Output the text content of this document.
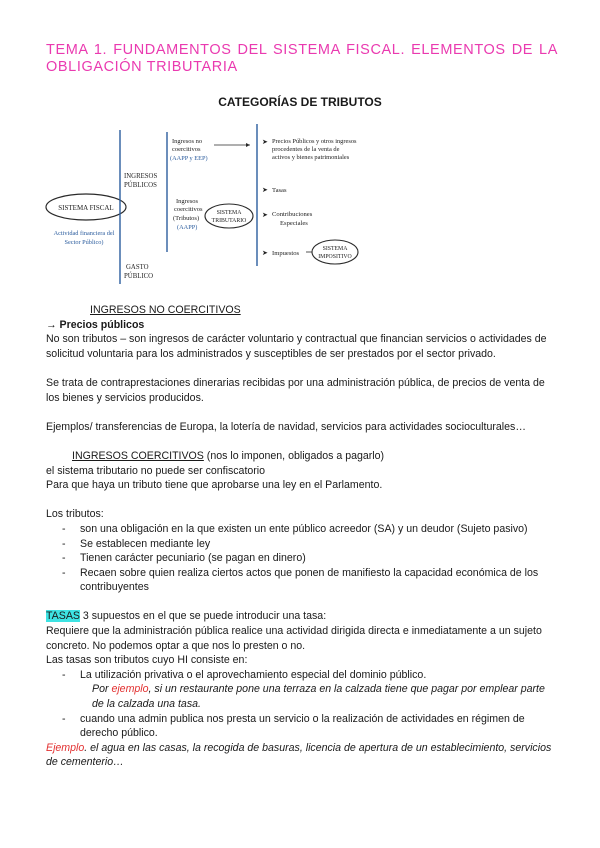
TEMA 1. FUNDAMENTOS DEL SISTEMA FISCAL. ELEMENTOS DE LA OBLIGACIÓN TRIBUTARIA
CATEGORÍAS DE TRIBUTOS
SISTEMA FISCAL
Actividad financiera del
Sector Público)
INGRESOS
PÚBLICOS
GASTO
PÚBLICO
Ingresos no
coercitivos
(AAPP y EEP)
Ingresos
coercitivos
(Tributos)
(AAPP)
SISTEMA
TRIBUTARIO
➤ Precios Públicos y otros ingresos
procedentes de la venta de
activos y bienes patrimoniales
➤ Tasas
➤ Contribuciones
Especiales
➤ Impuestos
SISTEMA
IMPOSITIVO

INGRESOS NO COERCITIVOS

→ Precios públicos

No son tributos – son ingresos de carácter voluntario y contractual que financian servicios o actividades de solicitud voluntaria para los administrados y susceptibles de ser prestados por el sector privado.

Se trata de contraprestaciones dinerarias recibidas por una administración pública, de precios de venta de los bienes y servicios producidos.

Ejemplos/ transferencias de Europa, la lotería de navidad, servicios para actividades socioculturales…

INGRESOS COERCITIVOS (nos lo imponen, obligados a pagarlo)

el sistema tributario no puede ser confiscatorio

Para que haya un tributo tiene que aprobarse una ley en el Parlamento.

Los tributos:

- son una obligación en la que existen un ente público acreedor (SA) y un deudor (Sujeto pasivo)
- Se establecen mediante ley
- Tienen carácter pecuniario (se pagan en dinero)
- Recaen sobre quien realiza ciertos actos que ponen de manifiesto la capacidad económica de los contribuyentes

TASAS 3 supuestos en el que se puede introducir una tasa:

Requiere que la administración pública realice una actividad dirigida directa e inmediatamente a un sujeto concreto. No podemos optar a que nos lo presten o no.

Las tasas son tributos cuyo HI consiste en:

- La utilización privativa o el aprovechamiento especial del dominio público.

Por ejemplo, si un restaurante pone una terraza en la calzada tiene que pagar por emplear parte de la calzada una tasa.

- cuando una admin publica nos presta un servicio o la realización de actividades en régimen de derecho público.

Ejemplo. el agua en las casas, la recogida de basuras, licencia de apertura de un establecimiento, servicios de cementerio…
